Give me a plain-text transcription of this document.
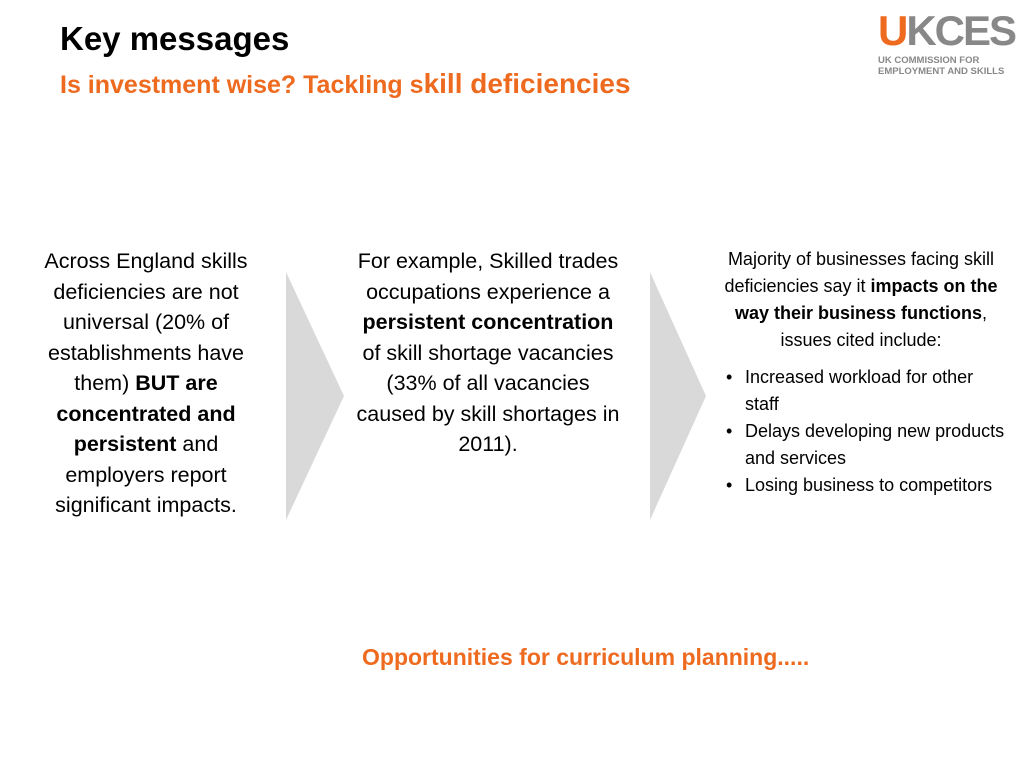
Key messages
Is investment wise? Tackling skill deficiencies
UKCES
UK COMMISSION FOR
EMPLOYMENT AND SKILLS
Across England skills deficiencies are not universal (20% of establishments have them) BUT are concentrated and persistent and employers report significant impacts.
For example, Skilled trades occupations experience a persistent concentration of skill shortage vacancies (33% of all vacancies caused by skill shortages in 2011).
Majority of businesses facing skill deficiencies say it impacts on the way their business functions, issues cited include:
• Increased workload for other staff
• Delays developing new products and services
• Losing business to competitors
Opportunities for curriculum planning.....
